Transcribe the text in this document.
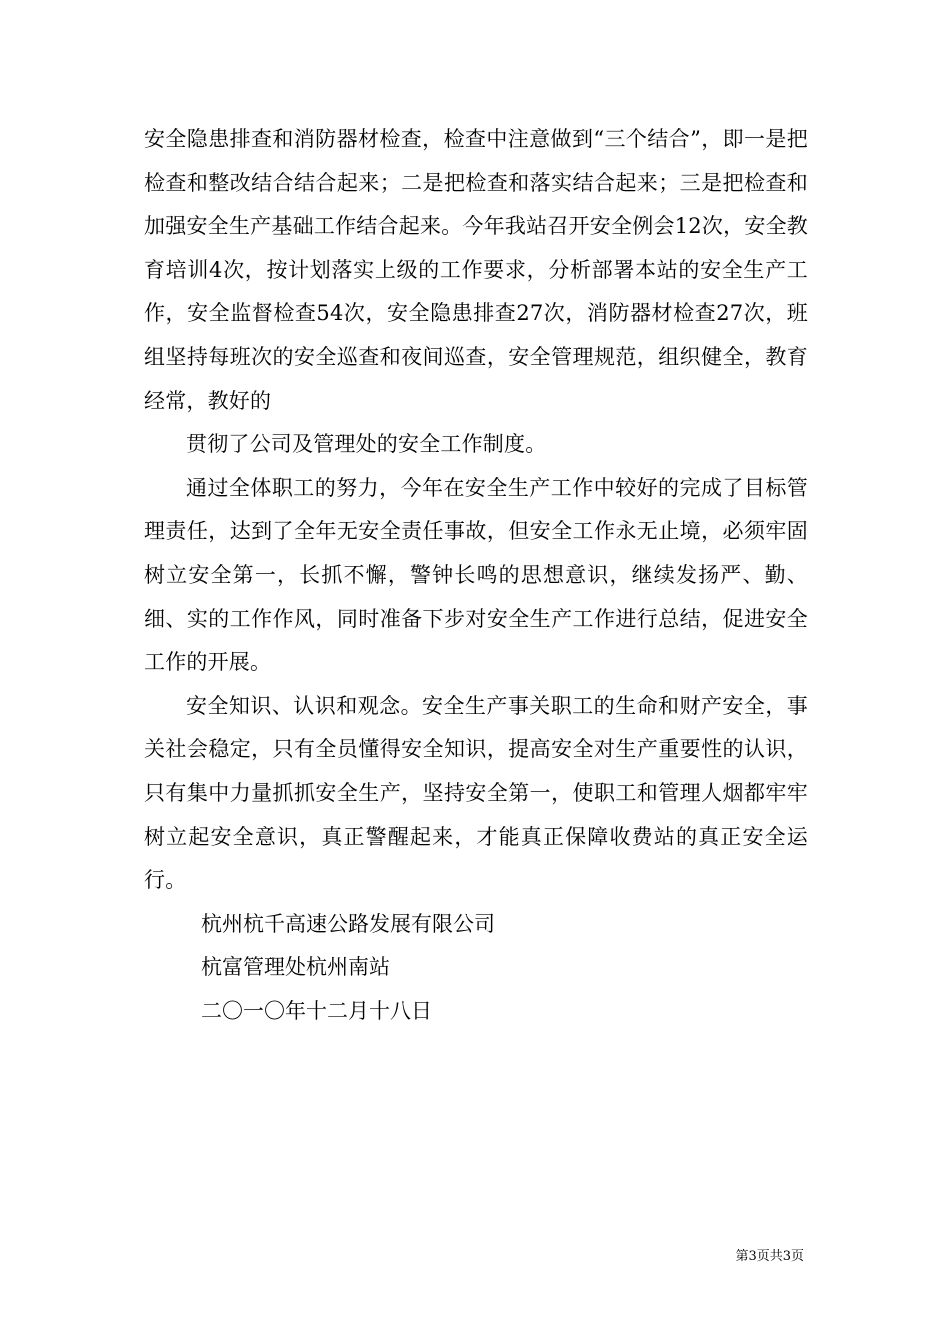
安全隐患排查和消防器材检查，检查中注意做到“三个结合”，即一是把检查和整改结合结合起来；二是把检查和落实结合起来；三是把检查和加强安全生产基础工作结合起来。今年我站召开安全例会12次，安全教育培训4次，按计划落实上级的工作要求，分析部署本站的安全生产工作，安全监督检查54次，安全隐患排查27次，消防器材检查27次，班组坚持每班次的安全巡查和夜间巡查，安全管理规范，组织健全，教育经常，教好的

贯彻了公司及管理处的安全工作制度。

通过全体职工的努力，今年在安全生产工作中较好的完成了目标管理责任，达到了全年无安全责任事故，但安全工作永无止境，必须牢固树立安全第一，长抓不懈，警钟长鸣的思想意识，继续发扬严、勤、细、实的工作作风，同时准备下步对安全生产工作进行总结，促进安全工作的开展。

安全知识、认识和观念。安全生产事关职工的生命和财产安全，事关社会稳定，只有全员懂得安全知识，提高安全对生产重要性的认识，只有集中力量抓抓安全生产，坚持安全第一，使职工和管理人烟都牢牢树立起安全意识，真正警醒起来，才能真正保障收费站的真正安全运行。

杭州杭千高速公路发展有限公司

杭富管理处杭州南站

二〇一〇年十二月十八日

第3页共3页
